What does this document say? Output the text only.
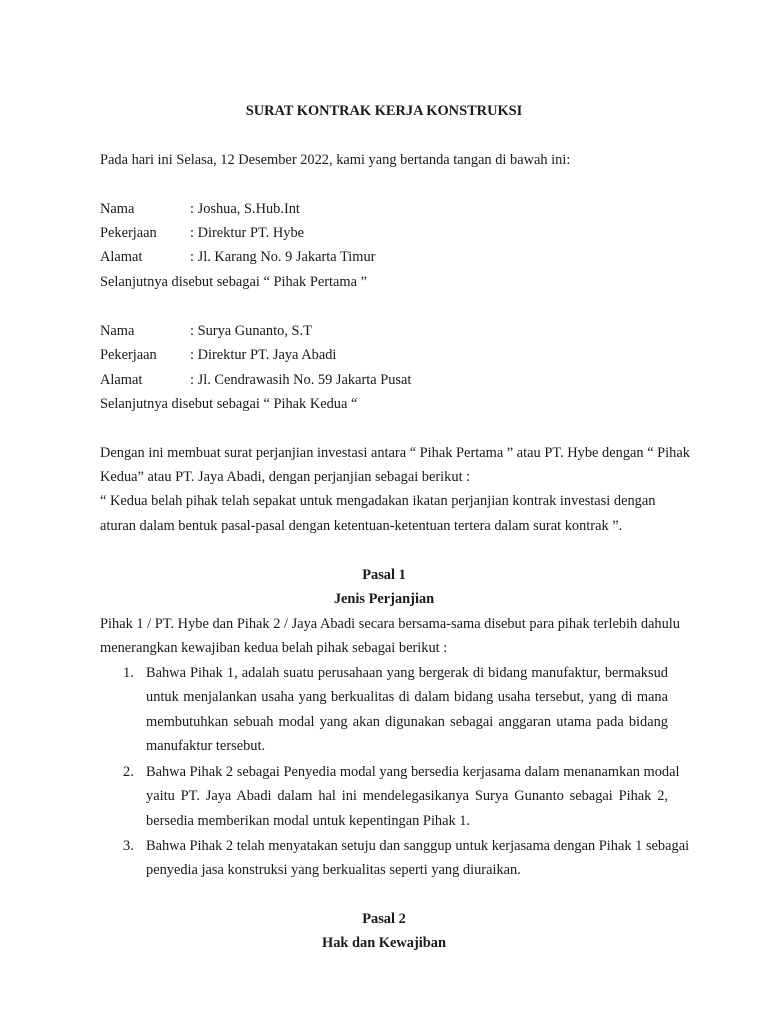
SURAT KONTRAK KERJA KONSTRUKSI
Pada hari ini Selasa, 12 Desember 2022, kami yang bertanda tangan di bawah ini:
Nama	: Joshua, S.Hub.Int
Pekerjaan : Direktur PT. Hybe
Alamat	: Jl. Karang No. 9 Jakarta Timur
Selanjutnya disebut sebagai “ Pihak Pertama ”
Nama	: Surya Gunanto, S.T
Pekerjaan : Direktur PT. Jaya Abadi
Alamat	: Jl. Cendrawasih No. 59 Jakarta Pusat
Selanjutnya disebut sebagai “ Pihak Kedua “
Dengan ini membuat surat perjanjian investasi antara “ Pihak Pertama ” atau PT. Hybe dengan “ Pihak
Kedua” atau PT. Jaya Abadi, dengan perjanjian sebagai berikut :
“ Kedua belah pihak telah sepakat untuk mengadakan ikatan perjanjian kontrak investasi dengan
aturan dalam bentuk pasal-pasal dengan ketentuan-ketentuan tertera dalam surat kontrak ”.
Pasal 1
Jenis Perjanjian
Pihak 1 / PT. Hybe dan Pihak 2 / Jaya Abadi secara bersama-sama disebut para pihak terlebih dahulu
menerangkan kewajiban kedua belah pihak sebagai berikut :
1. Bahwa Pihak 1, adalah suatu perusahaan yang bergerak di bidang manufaktur, bermaksud
untuk menjalankan usaha yang berkualitas di dalam bidang usaha tersebut, yang di mana
membutuhkan sebuah modal yang akan digunakan sebagai anggaran utama pada bidang
manufaktur tersebut.
2. Bahwa Pihak 2 sebagai Penyedia modal yang bersedia kerjasama dalam menanamkan modal
yaitu PT. Jaya Abadi dalam hal ini mendelegasikanya Surya Gunanto sebagai Pihak 2,
bersedia memberikan modal untuk kepentingan Pihak 1.
3. Bahwa Pihak 2 telah menyatakan setuju dan sanggup untuk kerjasama dengan Pihak 1 sebagai
penyedia jasa konstruksi yang berkualitas seperti yang diuraikan.
Pasal 2
Hak dan Kewajiban
